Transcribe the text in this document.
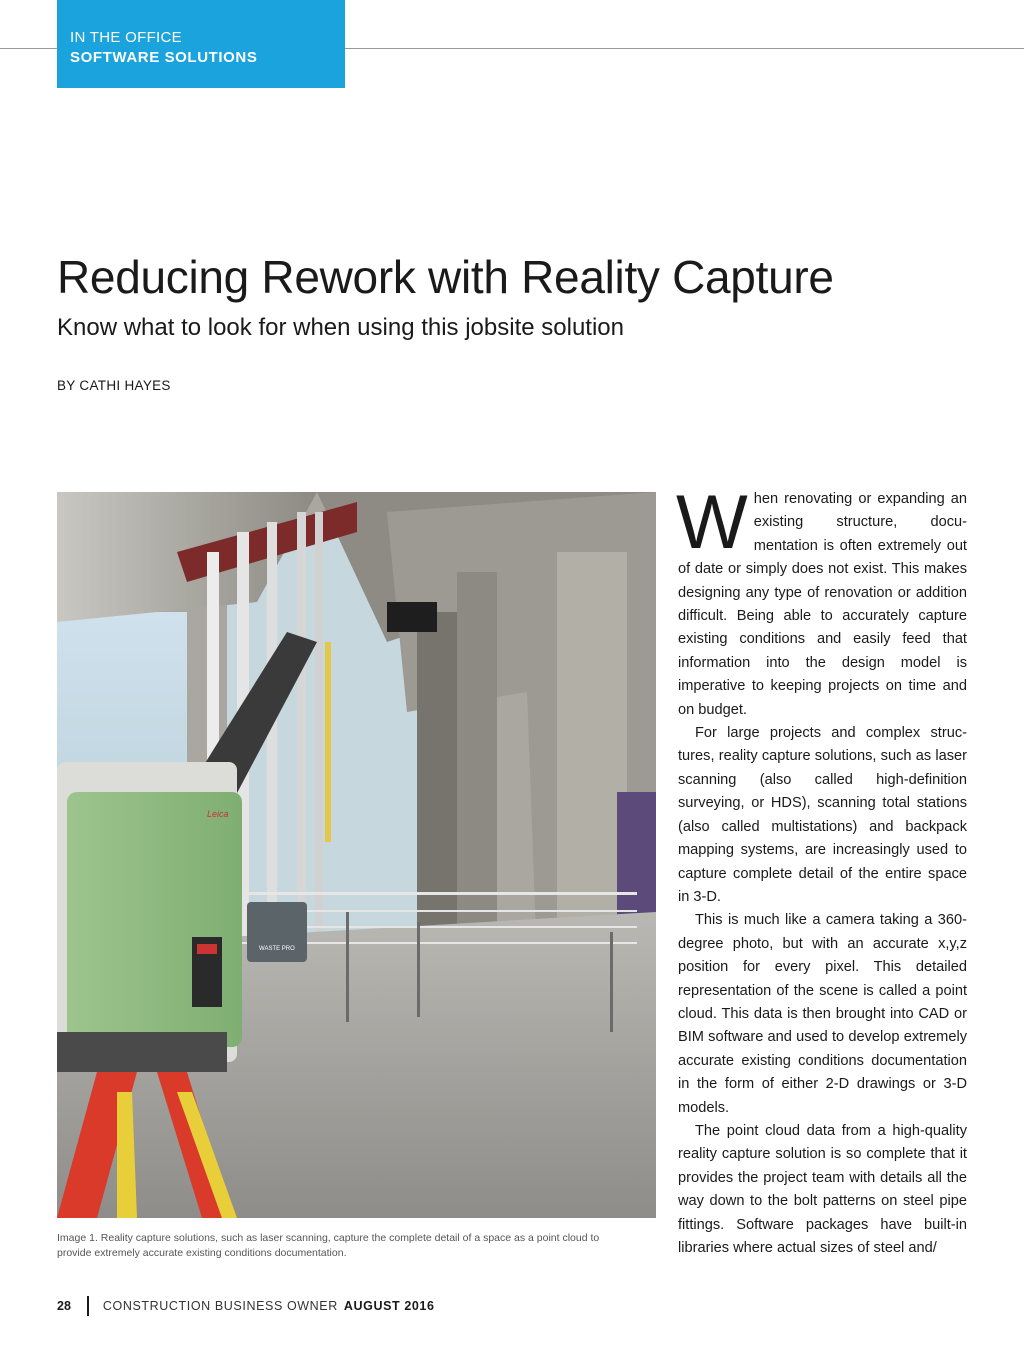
IN THE OFFICE
SOFTWARE SOLUTIONS
Reducing Rework with Reality Capture
Know what to look for when using this jobsite solution
BY CATHI HAYES
WASTE PRO
Leica
Image 1. Reality capture solutions, such as laser scanning, capture the complete detail of a space as a point cloud to provide extremely accurate existing conditions documentation.

When renovating or expanding an existing structure, documentation is often extremely out of date or simply does not exist. This makes designing any type of renovation or addition difficult. Being able to accurately capture existing conditions and easily feed that information into the design model is imperative to keeping projects on time and on budget.

For large projects and complex structures, reality capture solutions, such as laser scanning (also called high-definition surveying, or HDS), scanning total stations (also called multistations) and backpack mapping systems, are increasingly used to capture complete detail of the entire space in 3-D.

This is much like a camera taking a 360-degree photo, but with an accurate x,y,z position for every pixel. This detailed representation of the scene is called a point cloud. This data is then brought into CAD or BIM software and used to develop extremely accurate existing conditions documentation in the form of either 2-D drawings or 3-D models.

The point cloud data from a high-quality reality capture solution is so complete that it provides the project team with details all the way down to the bolt patterns on steel pipe fittings. Software packages have built-in libraries where actual sizes of steel and/

28	CONSTRUCTION BUSINESS OWNER AUGUST 2016
